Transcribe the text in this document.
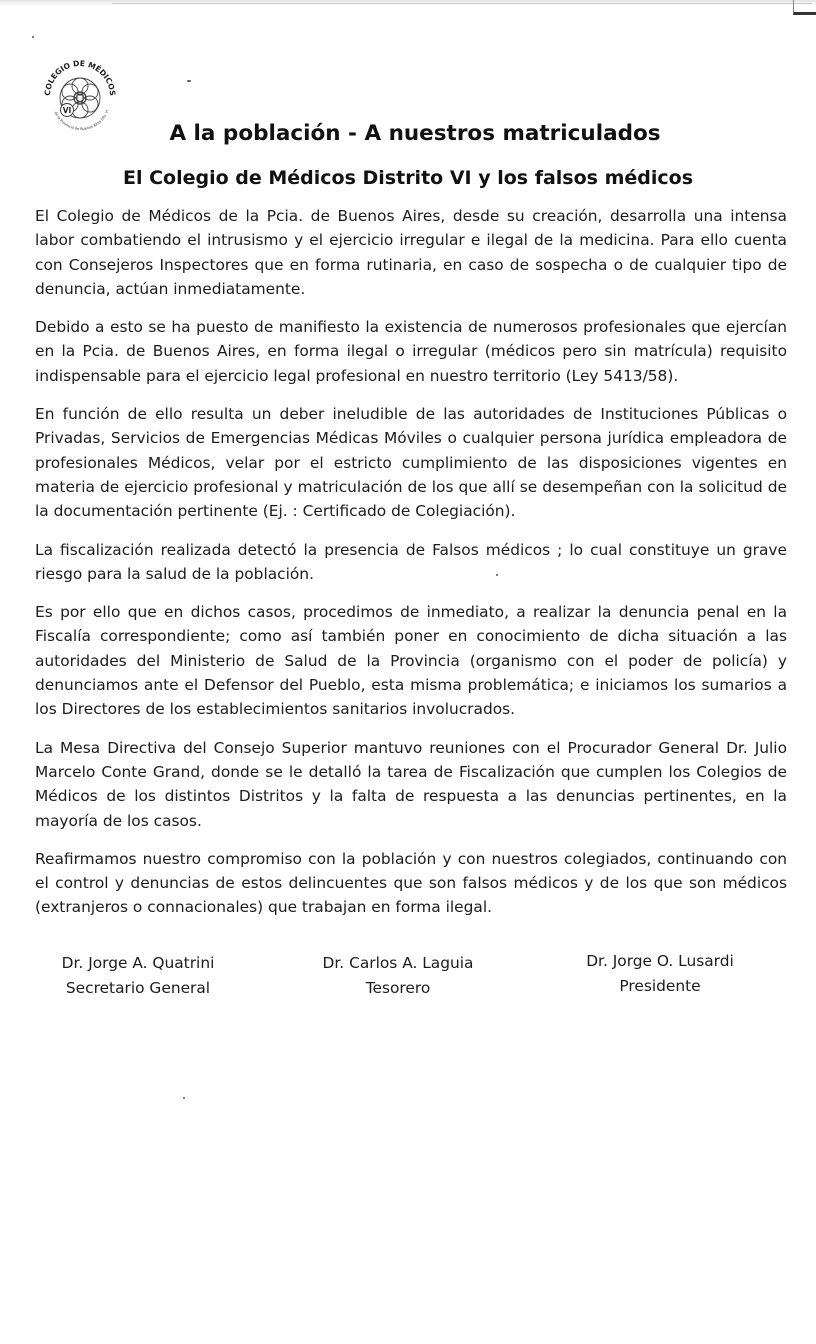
COLEGIO DE MÉDICOS
de la Provincia de Buenos Aires Dto. VI
VI
A la población - A nuestros matriculados
El Colegio de Médicos Distrito VI y los falsos médicos

El Colegio de Médicos de la Pcia. de Buenos Aires, desde su creación, desarrolla una intensa labor combatiendo el intrusismo y el ejercicio irregular e ilegal de la medicina. Para ello cuenta con Consejeros Inspectores que en forma rutinaria, en caso de sospecha o de cualquier tipo de denuncia, actúan inmediatamente.

Debido a esto se ha puesto de manifiesto la existencia de numerosos profesionales que ejercían en la Pcia. de Buenos Aires, en forma ilegal o irregular (médicos pero sin matrícula) requisito indispensable para el ejercicio legal profesional en nuestro territorio (Ley 5413/58).

En función de ello resulta un deber ineludible de las autoridades de Instituciones Públicas o Privadas, Servicios de Emergencias Médicas Móviles o cualquier persona jurídica empleadora de profesionales Médicos, velar por el estricto cumplimiento de las disposiciones vigentes en materia de ejercicio profesional y matriculación de los que allí se desempeñan con la solicitud de la documentación pertinente (Ej. : Certificado de Colegiación).

La fiscalización realizada detectó la presencia de Falsos médicos ; lo cual constituye un grave riesgo para la salud de la población.

Es por ello que en dichos casos, procedimos de inmediato, a realizar la denuncia penal en la Fiscalía correspondiente; como así también poner en conocimiento de dicha situación a las autoridades del Ministerio de Salud de la Provincia (organismo con el poder de policía) y denunciamos ante el Defensor del Pueblo, esta misma problemática; e iniciamos los sumarios a los Directores de los establecimientos sanitarios involucrados.

La Mesa Directiva del Consejo Superior mantuvo reuniones con el Procurador General Dr. Julio Marcelo Conte Grand, donde se le detalló la tarea de Fiscalización que cumplen los Colegios de Médicos de los distintos Distritos y la falta de respuesta a las denuncias pertinentes, en la mayoría de los casos.

Reafirmamos nuestro compromiso con la población y con nuestros colegiados, continuando con el control y denuncias de estos delincuentes que son falsos médicos y de los que son médicos (extranjeros o connacionales) que trabajan en forma ilegal.

Dr. Jorge A. Quatrini
Secretario General
Dr. Carlos A. Laguia
Tesorero
Dr. Jorge O. Lusardi
Presidente
